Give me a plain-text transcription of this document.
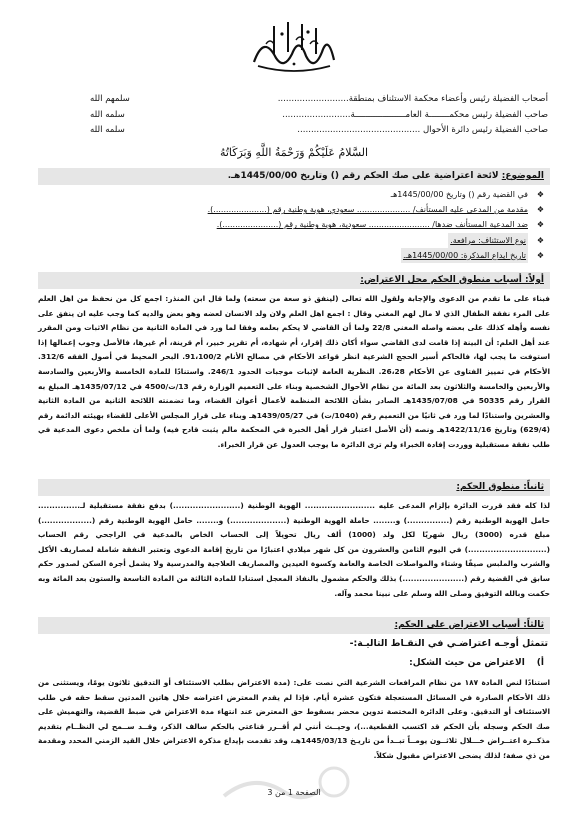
أصحاب الفضيلة رئيس وأعضاء محكمة الاستئناف بمنطقة..........................
سلمهم الله
صاحب الفضيلة رئيس محكمــــــــة العامــــــــــــــــــــة.........................
سلمه الله
صاحب الفضيلة رئيس دائرة الأحوال .............................................
سلمه الله
السَّلامُ عَلَيْكُمْ وَرَحْمَةُ اللَّهِ وَبَرَكَاتُهُ
الموضوع: لائحة اعتراضية على صك الحكم رقم () وتاريخ 1445/00/00هـ.
❖
في القضية رقم () وتاريخ 1445/00/00هـ
❖
مقدمة من المدعى عليه المستأنف/ ..................... سعودي، هوية وطنية رقم (.....................).
❖
ضد المدعية المستأنف ضدها/ ........................ سعودية، هوية وطنية رقم (......................).
❖
نوع الاستئناف: مرافعة.
❖
تاريخ ايداع المذكرة: 1445/00/00هـ.
أولاً: أسباب منطوق الحكم محل الاعتراض:
فبناء على ما تقدم من الدعوى والإجابة ولقول الله تعالى (لينفق ذو سعة من سعته) ولما قال ابن المنذر: اجمع كل من نحفظ من اهل العلم على المرء نفقة الطفال الذي لا مال لهم المغني وقال : اجمع اهل العلم ولان ولد الانسان لعضه وهو بعض والديه كما وجب عليه ان ينفق على نفسه وأهله كذلك على بعضه واصله المغني 22/8 ولما أن القاضي لا يحكم بعلمه وفقا لما ورد في المادة الثانية من نظام الاثبات ومن المقرر عند أهل العلم: أن البينة إذا قامت لدى القاضي سواء أكان ذلك إقرار، أم شهادة، أم تقرير خبير، أم قرينة، أم غيرها، فالأصل وجوب إعمالها إذا استوفت ما يجب لها، فالحاكم أسير الحجج الشرعية انظر قواعد الأحكام في مصالح الأنام 91،100/2. البحر المحيط في أصول الفقه 312/6. الأحكام في تمييز الفتاوى عن الأحكام 26،28. النظرية العامة لإثبات موجبات الحدود 246/1. واستنادًا للمادة الخامسة والأربعين والسادسة والأربعين والخامسة والثلاثون بعد المائة من نظام الأحوال الشخصية وبناء على التعميم الوزارة رقم 13/ت/4500 في 1435/07/12هـ المبلغ به القرار رقم 50335 في 1435/07/08هـ الصادر بشأن اللائحة المنظمة لأعمال أعوان القضاء، وما تضمنته اللائحة الثانية من المادة الثانية والعشرين واستنادًا لما ورد في ثانيًا من التعميم رقم (1040/ت) في 1439/05/27هـ وبناء على قرار المجلس الأعلى للقضاء بهيئته الدائمة رقم (629/4) وتاريخ 1422/11/16هـ ونصه (أن الأصل اعتبار قرار أهل الخبرة في المحكمة مالم يثبت قادح فيه) ولما أن ملخص دعوى المدعية في طلب نفقة مستقبلية ووردت إفادة الخبراء ولم ترى الدائرة ما يوجب العدول عن قرار الخبراء.
ثانياً: منطوق الحكم:
لذا كله فقد قررت الدائرة بإلزام المدعى عليه ......................... الهوية الوطنية (........................) بدفع نفقة مستقبلية لـ............... حامل الهوية الوطنية رقم (...............) و........ حاملة الهوية الوطنية (....................) و........ حامل الهوية الوطنية رقم (..................) مبلغ قدره (3000) ريال شهريًا لكل ولد (1000) ألف ريال تحويلاً إلى الحساب الخاص بالمدعية في الراجحي رقم الحساب (............................) في اليوم الثامن والعشرون من كل شهر ميلادي اعتبارًا من تاريخ إقامة الدعوى وتعتبر النفقة شاملة لمصاريف الأكل والشرب والملبس صيفًا وشتاء والمواصلات الخاصة والعامة وكسوة العيدين والمصاريف العلاجية والمدرسية ولا يشمل أجرة السكن لصدور حكم سابق في القضية رقم (......................) بذلك والحكم مشمول بالنفاذ المعجل استنادا للمادة الثالثة من المادة التاسعة والستون بعد المائة وبه حكمت وبالله التوفيق وصلى الله وسلم على نبينا محمد وآله.
ثالثاً: أسباب الاعتراض على الحكم:
تتمثل أوجـه اعتراضـي في النقـاط التاليـة:-
أ)
الاعتراض من حيث الشكل:
استنادًا لنص المادة ١٨٧ من نظام المرافعات الشرعية التي نصت على: (مدة الاعتراض بطلب الاستئناف أو التدقيق ثلاثون يومًا، ويستثنى من ذلك الأحكام الصادرة في المسائل المستعجلة فتكون عشرة أيام. فإذا لم يقدم المعترض اعتراضه خلال هاتين المدتين سقط حقه في طلب الاستئناف أو التدقيق. وعلى الدائرة المختصة تدوين محضر بسقوط حق المعترض عند انتهاء مدة الاعتراض في ضبط القضية، والتهميش على صك الحكم وسجله بأن الحكم قد اكتسب القطعية...)، وحيــث أنني لم أقــرر قناعتي بالحكم سالف الذكر، وقــد ســمح لي النظــام بتقديم مذكــرة اعتــراض خـــلال ثلاثــون يومــاً تبــدأ من تاريـخ 1445/03/13هـ، وقد تقدمت بإيداع مذكرة الاعتراض خلال القيد الزمني المحدد ومقدمة من ذي صفة؛ لذلك يضحى الاعتراض مقبول شكلاً.
الصفحة 1 من 3
